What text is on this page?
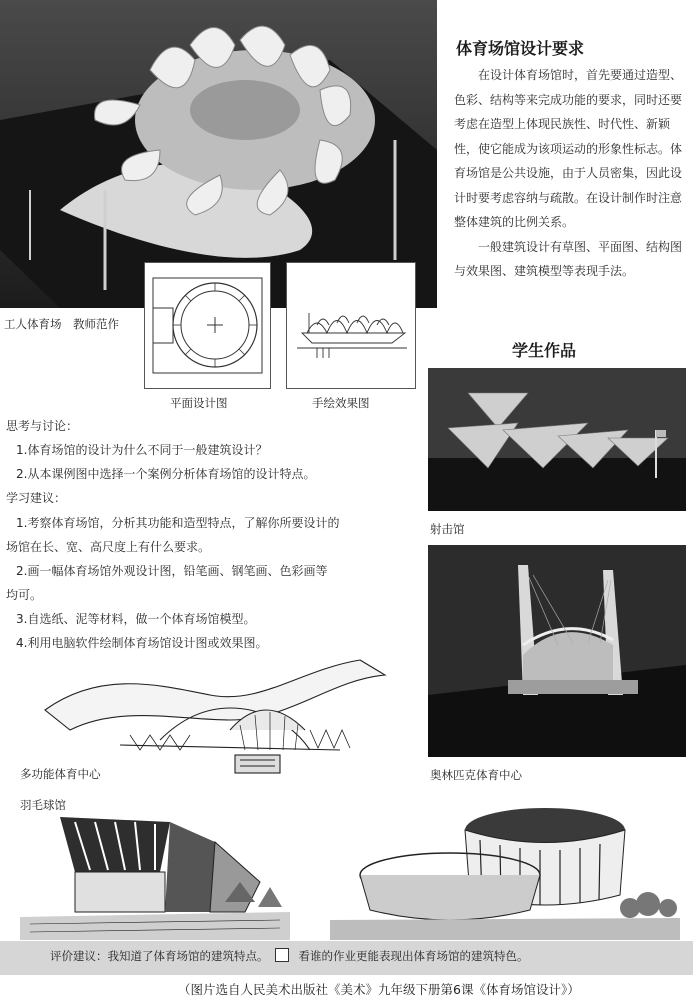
工人体育场　教师范作
平面设计图	手绘效果图
体育场馆设计要求

在设计体育场馆时，首先要通过造型、色彩、结构等来完成功能的要求，同时还要考虑在造型上体现民族性、时代性、新颖性，使它能成为该项运动的形象性标志。体育场馆是公共设施，由于人员密集，因此设计时要考虑容纳与疏散。在设计制作时注意整体建筑的比例关系。

一般建筑设计有草图、平面图、结构图与效果图、建筑模型等表现手法。

学生作品
射击馆
奥林匹克体育中心
思考与讨论：
1.体育场馆的设计为什么不同于一般建筑设计？
2.从本课例图中选择一个案例分析体育场馆的设计特点。
学习建议：
1.考察体育场馆，分析其功能和造型特点，了解你所要设计的
场馆在长、宽、高尺度上有什么要求。
2.画一幅体育场馆外观设计图，铅笔画、钢笔画、色彩画等
均可。
3.自选纸、泥等材料，做一个体育场馆模型。
4.利用电脑软件绘制体育场馆设计图或效果图。
多功能体育中心
羽毛球馆
评价建议：我知道了体育场馆的建筑特点。	看谁的作业更能表现出体育场馆的建筑特色。
（图片选自人民美术出版社《美术》九年级下册第6课《体育场馆设计》）
